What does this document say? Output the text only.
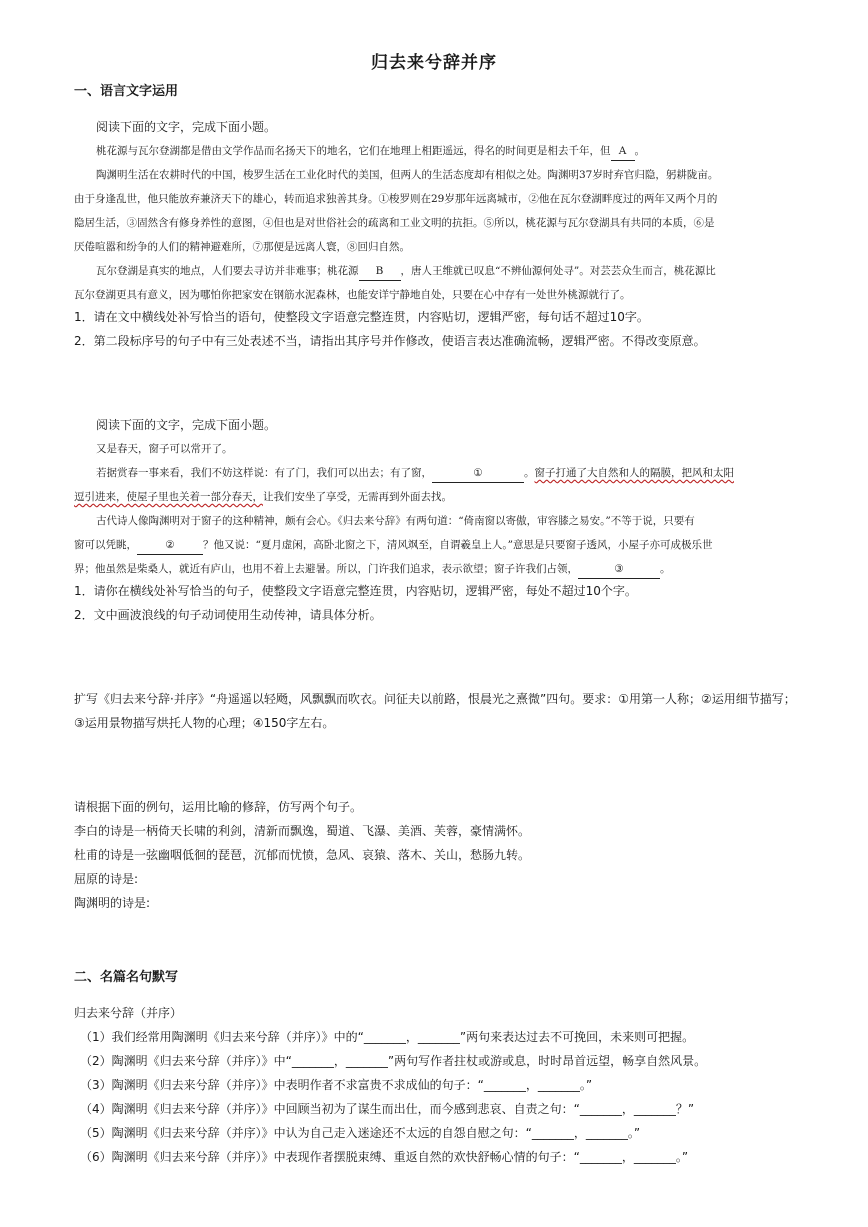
归去来兮辞并序
一、语言文字运用
阅读下面的文字，完成下面小题。
桃花源与瓦尔登湖都是借由文学作品而名扬天下的地名，它们在地理上相距遥远，得名的时间更是相去千年，但 A 。
陶渊明生活在农耕时代的中国，梭罗生活在工业化时代的美国，但两人的生活态度却有相似之处。陶渊明37岁时弃官归隐，躬耕陇亩。
由于身逢乱世，他只能放弃兼济天下的雄心，转而追求独善其身。①梭罗则在29岁那年远离城市，②他在瓦尔登湖畔度过的两年又两个月的
隐居生活，③固然含有修身养性的意图，④但也是对世俗社会的疏离和工业文明的抗拒。⑤所以，桃花源与瓦尔登湖具有共同的本质，⑥是
厌倦喧嚣和纷争的人们的精神避难所，⑦那便是远离人寰，⑧回归自然。
瓦尔登湖是真实的地点，人们要去寻访并非难事；桃花源 B ，唐人王维就已叹息“不辨仙源何处寻”。对芸芸众生而言，桃花源比
瓦尔登湖更具有意义，因为哪怕你把家安在钢筋水泥森林，也能安详宁静地自处，只要在心中存有一处世外桃源就行了。
1．请在文中横线处补写恰当的语句，使整段文字语意完整连贯，内容贴切，逻辑严密，每句话不超过10字。
2．第二段标序号的句子中有三处表述不当，请指出其序号并作修改，使语言表达准确流畅，逻辑严密。不得改变原意。
阅读下面的文字，完成下面小题。
又是春天，窗子可以常开了。
若据赏春一事来看，我们不妨这样说：有了门，我们可以出去；有了窗，	①	。窗子打通了大自然和人的隔膜，把风和太阳
逗引进来，使屋子里也关着一部分春天，让我们安坐了享受，无需再到外面去找。
古代诗人像陶渊明对于窗子的这种精神，颇有会心。《归去来兮辞》有两句道：“倚南窗以寄傲，审容膝之易安。”不等于说，只要有
窗可以凭眺，	②	？他又说：“夏月虚闲，高卧北窗之下，清风飒至，自谓羲皇上人。”意思是只要窗子透风，小屋子亦可成极乐世
界；他虽然是柴桑人，就近有庐山，也用不着上去避暑。所以，门许我们追求，表示欲望；窗子许我们占领，	③	。
1．请你在横线处补写恰当的句子，使整段文字语意完整连贯，内容贴切，逻辑严密，每处不超过10个字。
2．文中画波浪线的句子动词使用生动传神，请具体分析。
扩写《归去来兮辞·并序》“舟遥遥以轻飏，风飘飘而吹衣。问征夫以前路，恨晨光之熹微”四句。要求：①用第一人称；②运用细节描写；
③运用景物描写烘托人物的心理；④150字左右。
请根据下面的例句，运用比喻的修辞，仿写两个句子。
李白的诗是一柄倚天长啸的利剑，清新而飘逸，蜀道、飞瀑、美酒、芙蓉，豪情满怀。
杜甫的诗是一弦幽咽低徊的琵琶，沉郁而忧愤，急风、哀猿、落木、关山，愁肠九转。
屈原的诗是:
陶渊明的诗是:
二、名篇名句默写
归去来兮辞（并序）
（1）我们经常用陶渊明《归去来兮辞（并序）》中的“_______，_______”两句来表达过去不可挽回，未来则可把握。
（2）陶渊明《归去来兮辞（并序）》中“_______，_______”两句写作者拄杖或游或息，时时昂首远望，畅享自然风景。
（3）陶渊明《归去来兮辞（并序）》中表明作者不求富贵不求成仙的句子：“_______，_______。”
（4）陶渊明《归去来兮辞（并序）》中回顾当初为了谋生而出仕，而今感到悲哀、自责之句：“_______，_______？”
（5）陶渊明《归去来兮辞（并序）》中认为自己走入迷途还不太远的自怨自慰之句：“_______，_______。”
（6）陶渊明《归去来兮辞（并序）》中表现作者摆脱束缚、重返自然的欢快舒畅心情的句子：“_______，_______。”
